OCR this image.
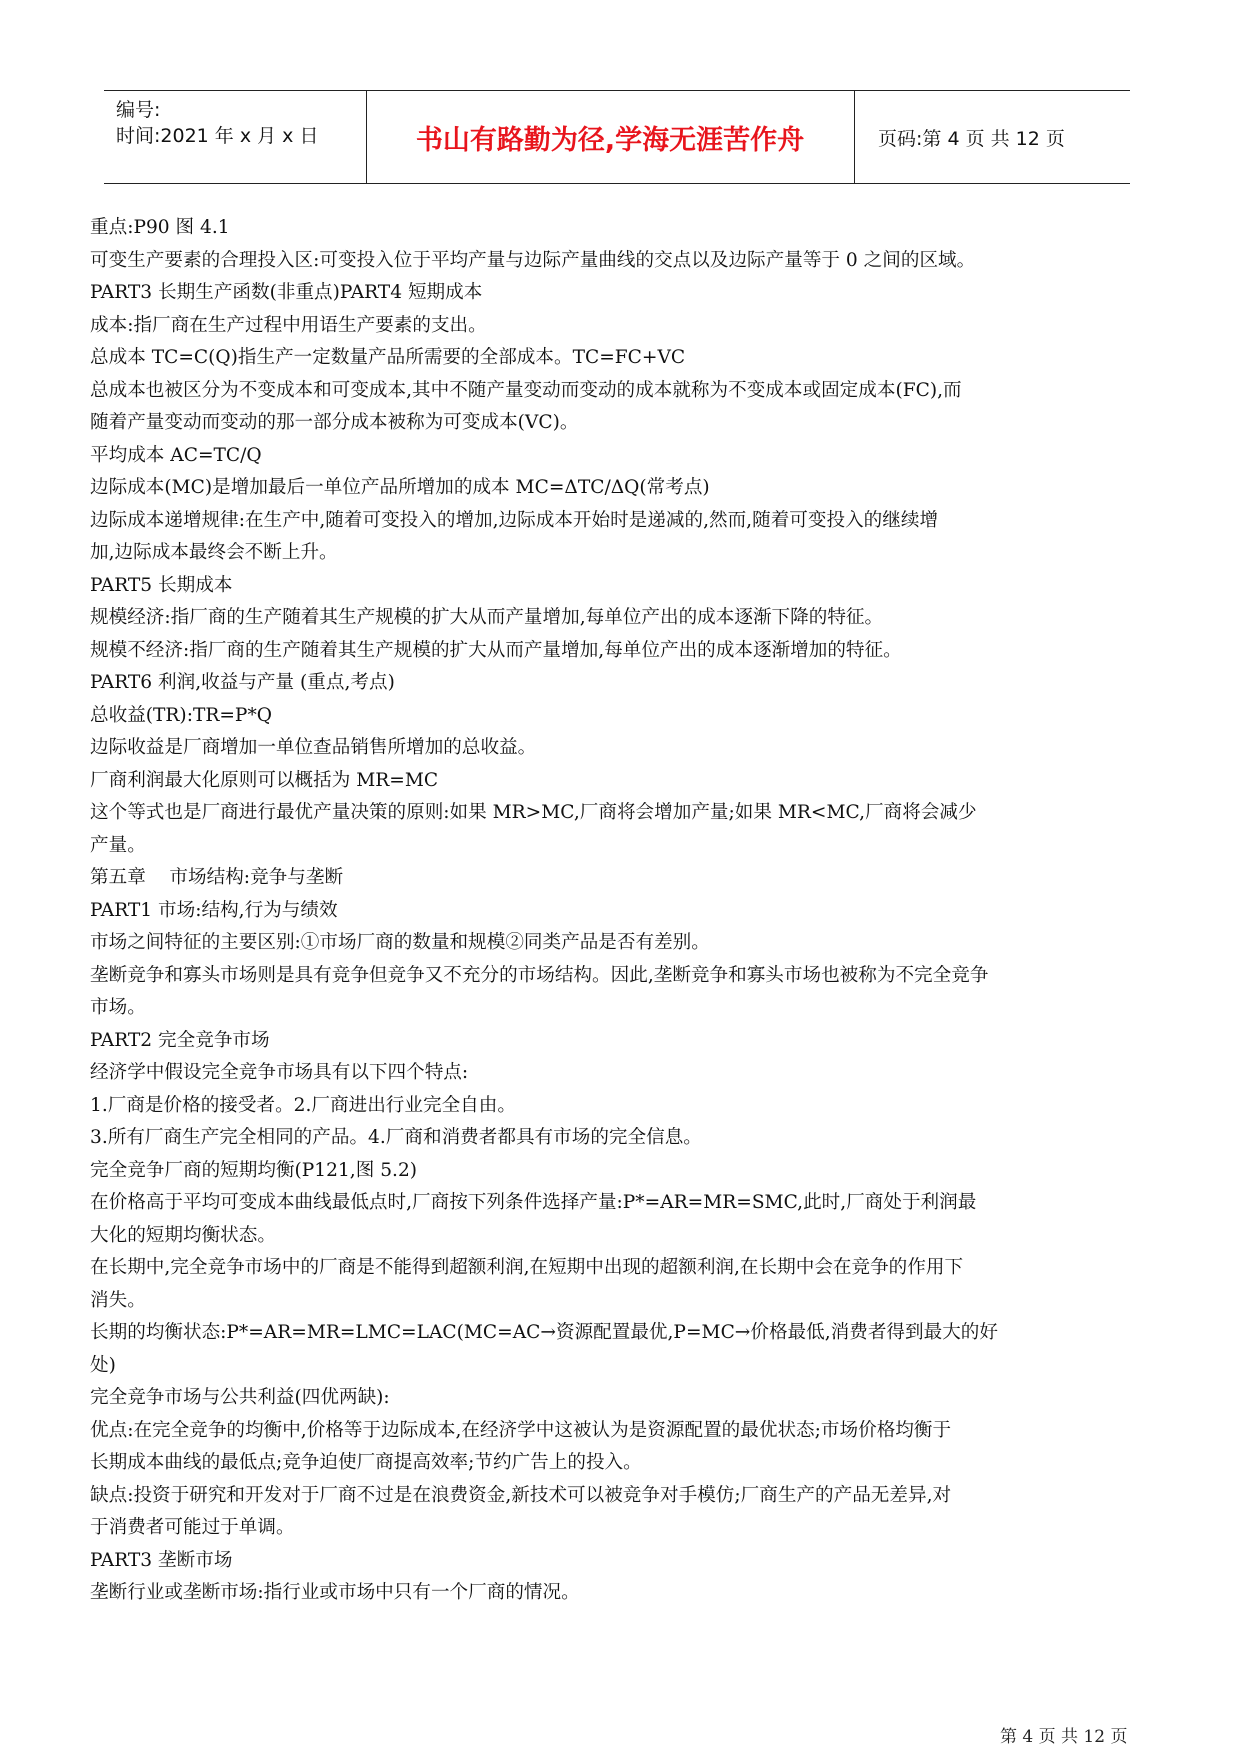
编号:
时间:2021 年 x 月 x 日	书山有路勤为径,学海无涯苦作舟	页码:第 4 页 共 12 页
重点:P90 图 4.1
可变生产要素的合理投入区:可变投入位于平均产量与边际产量曲线的交点以及边际产量等于 0 之间的区域。
PART3 长期生产函数(非重点)PART4 短期成本
成本:指厂商在生产过程中用语生产要素的支出。
总成本 TC=C(Q)指生产一定数量产品所需要的全部成本。TC=FC+VC
总成本也被区分为不变成本和可变成本,其中不随产量变动而变动的成本就称为不变成本或固定成本(FC),而
随着产量变动而变动的那一部分成本被称为可变成本(VC)。
平均成本 AC=TC/Q
边际成本(MC)是增加最后一单位产品所增加的成本 MC=ΔTC/ΔQ(常考点)
边际成本递增规律:在生产中,随着可变投入的增加,边际成本开始时是递减的,然而,随着可变投入的继续增
加,边际成本最终会不断上升。
PART5 长期成本
规模经济:指厂商的生产随着其生产规模的扩大从而产量增加,每单位产出的成本逐渐下降的特征。
规模不经济:指厂商的生产随着其生产规模的扩大从而产量增加,每单位产出的成本逐渐增加的特征。
PART6 利润,收益与产量 (重点,考点)
总收益(TR):TR=P*Q
边际收益是厂商增加一单位查品销售所增加的总收益。
厂商利润最大化原则可以概括为 MR=MC
这个等式也是厂商进行最优产量决策的原则:如果 MR>MC,厂商将会增加产量;如果 MR<MC,厂商将会减少
产量。
第五章    市场结构:竞争与垄断
PART1 市场:结构,行为与绩效
市场之间特征的主要区别:①市场厂商的数量和规模②同类产品是否有差别。
垄断竞争和寡头市场则是具有竞争但竞争又不充分的市场结构。因此,垄断竞争和寡头市场也被称为不完全竞争
市场。
PART2 完全竞争市场
经济学中假设完全竞争市场具有以下四个特点:
1.厂商是价格的接受者。2.厂商进出行业完全自由。
3.所有厂商生产完全相同的产品。4.厂商和消费者都具有市场的完全信息。
完全竞争厂商的短期均衡(P121,图 5.2)
在价格高于平均可变成本曲线最低点时,厂商按下列条件选择产量:P*=AR=MR=SMC,此时,厂商处于利润最
大化的短期均衡状态。
在长期中,完全竞争市场中的厂商是不能得到超额利润,在短期中出现的超额利润,在长期中会在竞争的作用下
消失。
长期的均衡状态:P*=AR=MR=LMC=LAC(MC=AC→资源配置最优,P=MC→价格最低,消费者得到最大的好
处)
完全竞争市场与公共利益(四优两缺):
优点:在完全竞争的均衡中,价格等于边际成本,在经济学中这被认为是资源配置的最优状态;市场价格均衡于
长期成本曲线的最低点;竞争迫使厂商提高效率;节约广告上的投入。
缺点:投资于研究和开发对于厂商不过是在浪费资金,新技术可以被竞争对手模仿;厂商生产的产品无差异,对
于消费者可能过于单调。
PART3 垄断市场
垄断行业或垄断市场:指行业或市场中只有一个厂商的情况。
第 4 页 共 12 页
